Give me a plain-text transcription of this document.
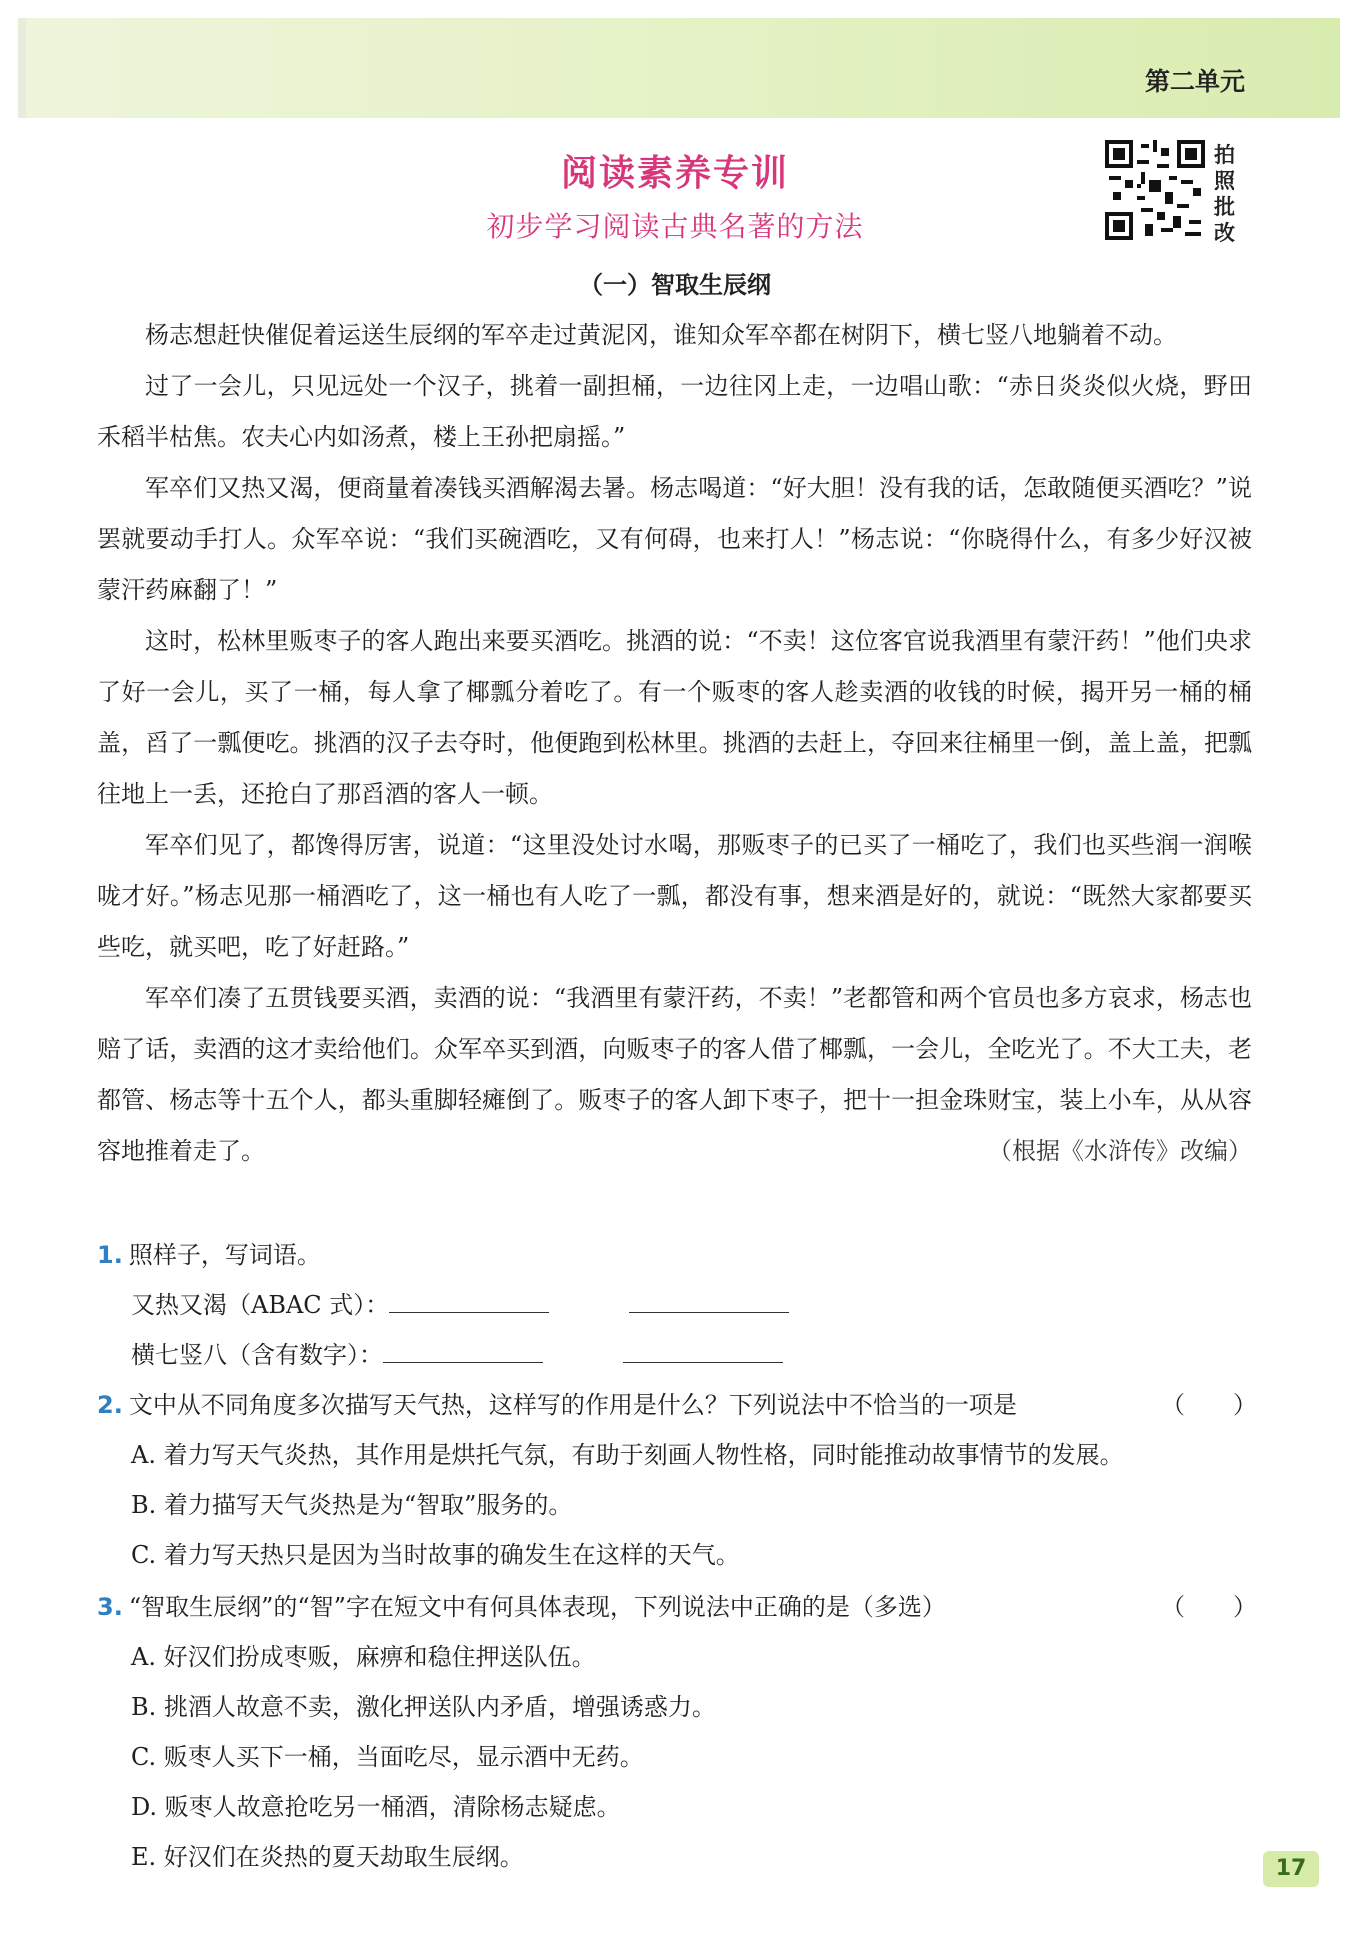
第二单元
阅读素养专训
初步学习阅读古典名著的方法
拍照批改
（一）智取生辰纲

杨志想赶快催促着运送生辰纲的军卒走过黄泥冈，谁知众军卒都在树阴下，横七竖八地躺着不动。

过了一会儿，只见远处一个汉子，挑着一副担桶，一边往冈上走，一边唱山歌：“赤日炎炎似火烧，野田禾稻半枯焦。农夫心内如汤煮，楼上王孙把扇摇。”

军卒们又热又渴，便商量着凑钱买酒解渴去暑。杨志喝道：“好大胆！没有我的话，怎敢随便买酒吃？”说罢就要动手打人。众军卒说：“我们买碗酒吃，又有何碍，也来打人！”杨志说：“你晓得什么，有多少好汉被蒙汗药麻翻了！”

这时，松林里贩枣子的客人跑出来要买酒吃。挑酒的说：“不卖！这位客官说我酒里有蒙汗药！”他们央求了好一会儿，买了一桶，每人拿了椰瓢分着吃了。有一个贩枣的客人趁卖酒的收钱的时候，揭开另一桶的桶盖，舀了一瓢便吃。挑酒的汉子去夺时，他便跑到松林里。挑酒的去赶上，夺回来往桶里一倒，盖上盖，把瓢往地上一丢，还抢白了那舀酒的客人一顿。

军卒们见了，都馋得厉害，说道：“这里没处讨水喝，那贩枣子的已买了一桶吃了，我们也买些润一润喉咙才好。”杨志见那一桶酒吃了，这一桶也有人吃了一瓢，都没有事，想来酒是好的，就说：“既然大家都要买些吃，就买吧，吃了好赶路。”

军卒们凑了五贯钱要买酒，卖酒的说：“我酒里有蒙汗药，不卖！”老都管和两个官员也多方哀求，杨志也赔了话，卖酒的这才卖给他们。众军卒买到酒，向贩枣子的客人借了椰瓢，一会儿，全吃光了。不大工夫，老都管、杨志等十五个人，都头重脚轻瘫倒了。贩枣子的客人卸下枣子，把十一担金珠财宝，装上小车，从从容容地推着走了。	（根据《水浒传》改编）
1. 照样子，写词语。
又热又渴（ABAC 式）：
横七竖八（含有数字）：
2. 文中从不同角度多次描写天气热，这样写的作用是什么？下列说法中不恰当的一项是	（　　）
A. 着力写天气炎热，其作用是烘托气氛，有助于刻画人物性格，同时能推动故事情节的发展。
B. 着力描写天气炎热是为“智取”服务的。
C. 着力写天热只是因为当时故事的确发生在这样的天气。
3. “智取生辰纲”的“智”字在短文中有何具体表现，下列说法中正确的是（多选）	（　　）
A. 好汉们扮成枣贩，麻痹和稳住押送队伍。
B. 挑酒人故意不卖，激化押送队内矛盾，增强诱惑力。
C. 贩枣人买下一桶，当面吃尽，显示酒中无药。
D. 贩枣人故意抢吃另一桶酒，清除杨志疑虑。
E. 好汉们在炎热的夏天劫取生辰纲。	17
